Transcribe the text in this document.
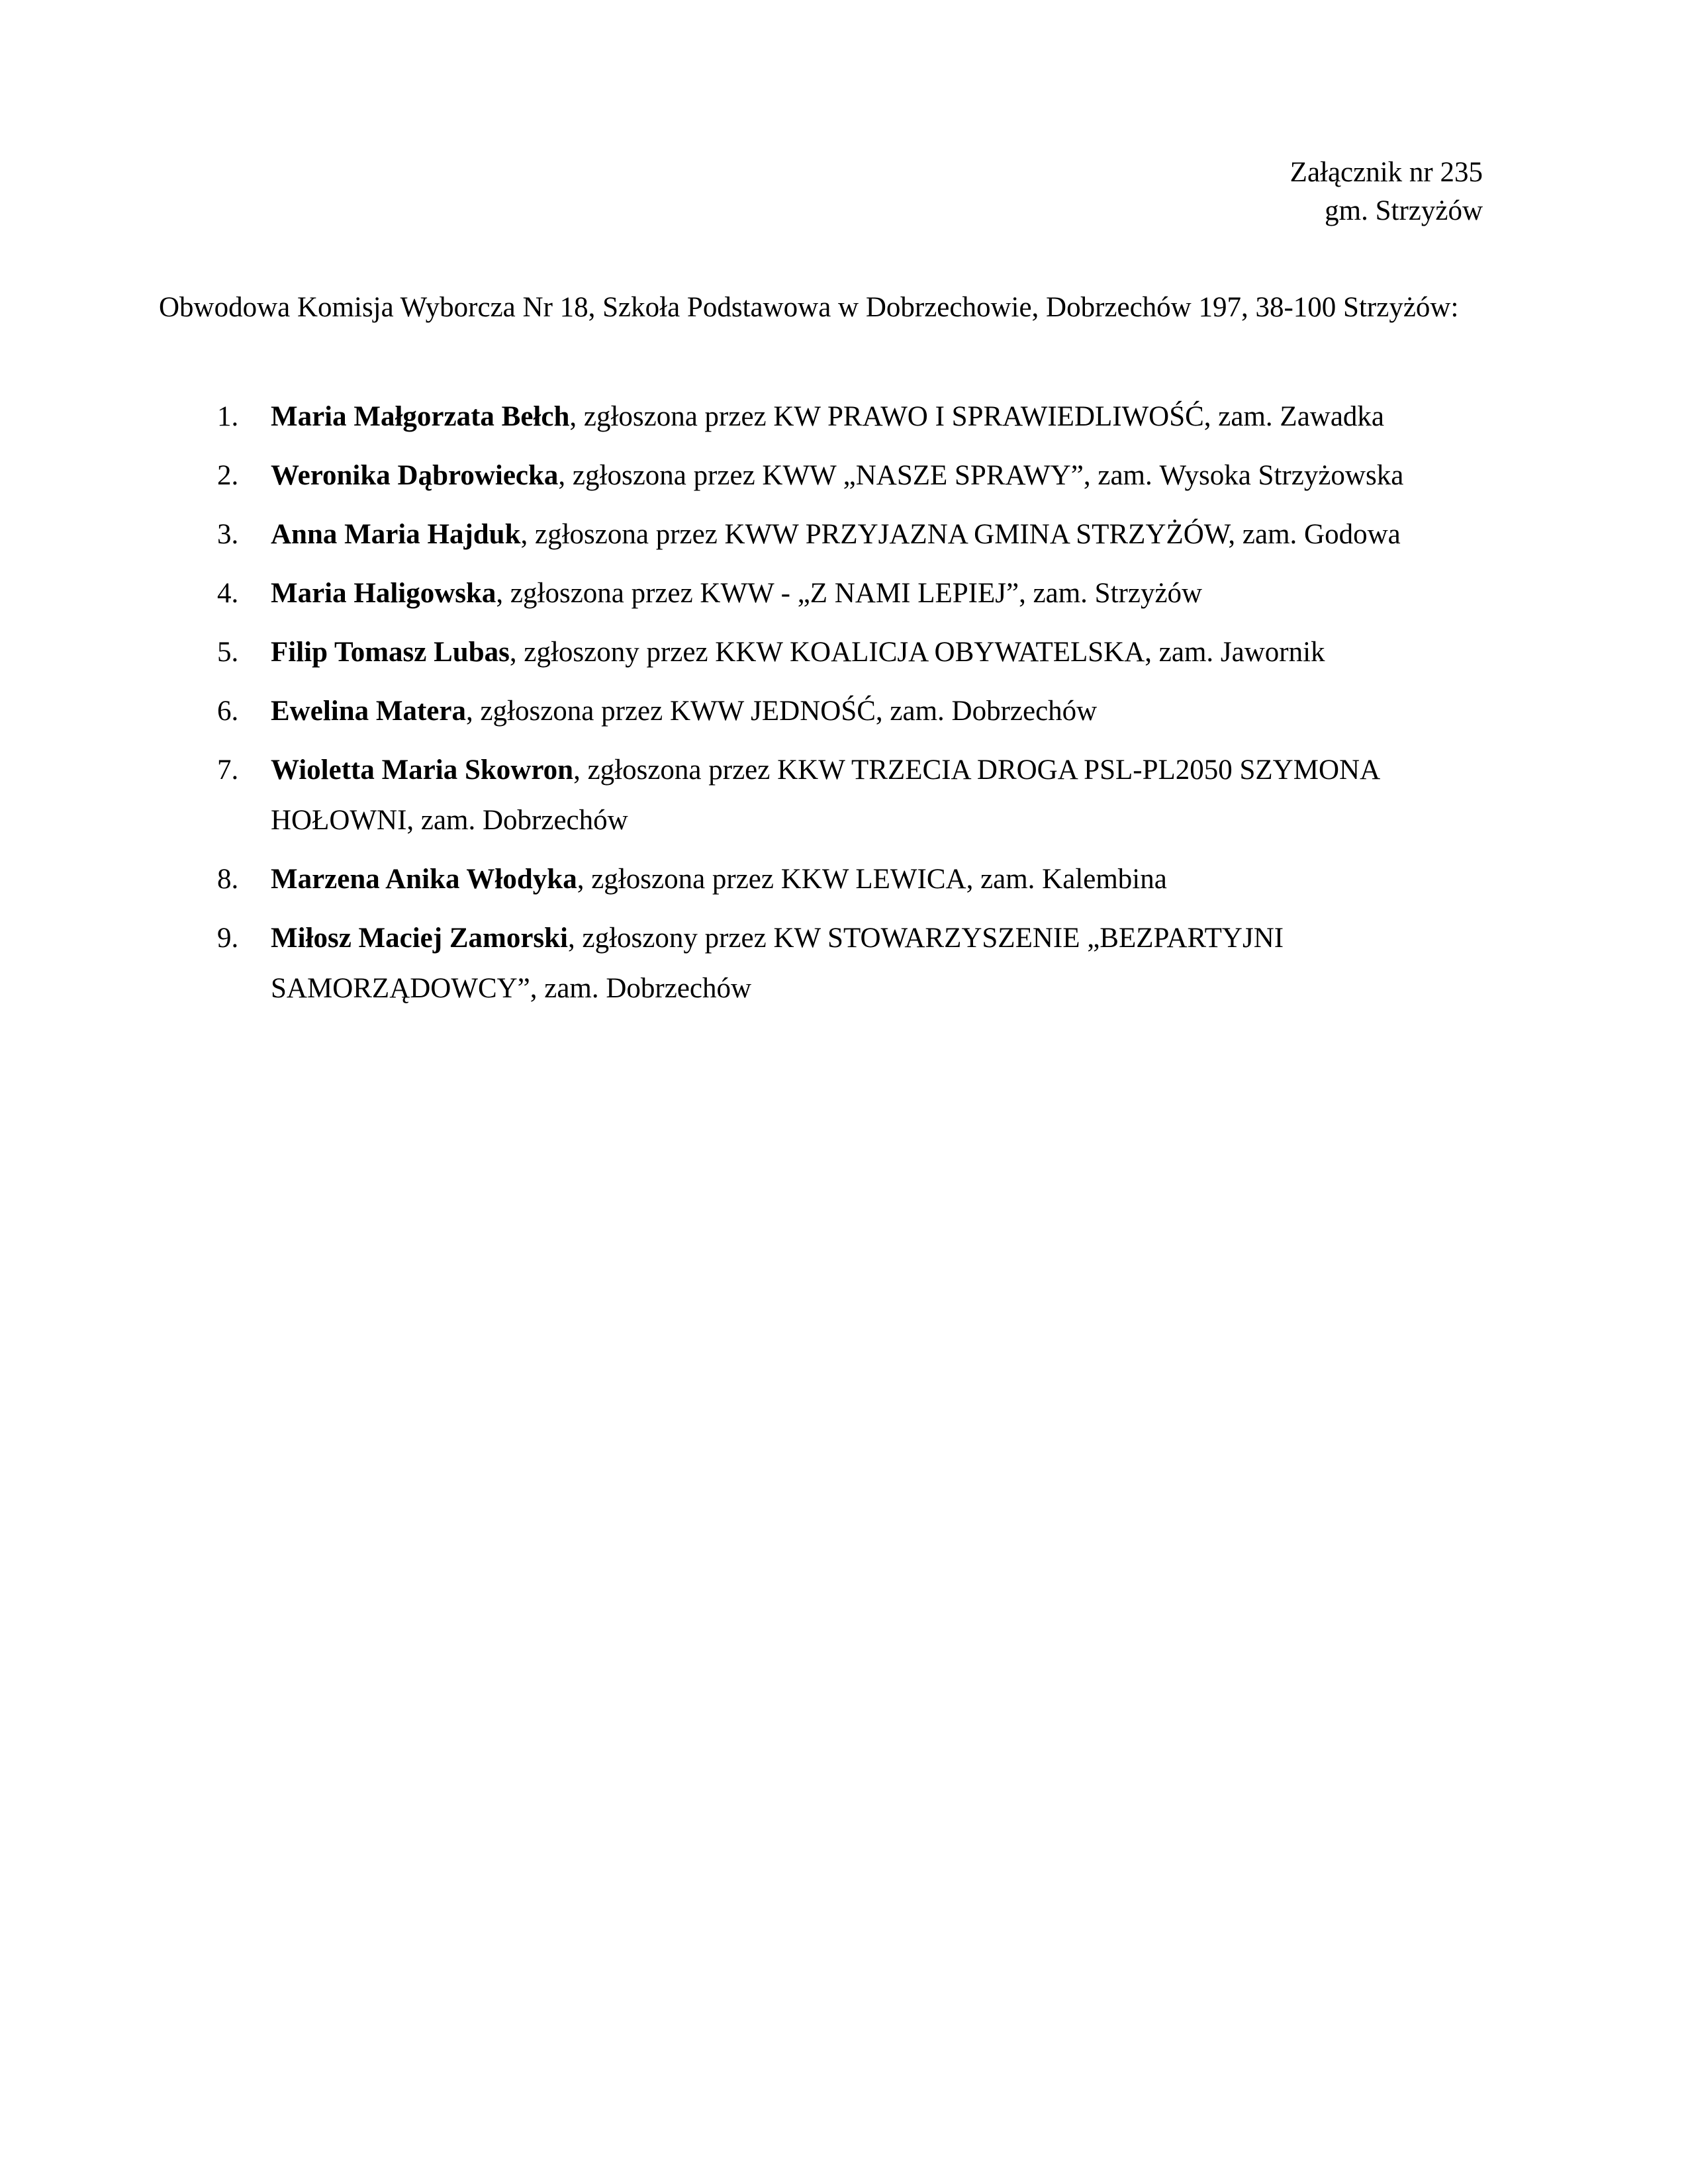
Załącznik nr 235
gm. Strzyżów

Obwodowa Komisja Wyborcza Nr 18, Szkoła Podstawowa w Dobrzechowie, Dobrzechów 197, 38-100 Strzyżów:

1.	Maria Małgorzata Bełch, zgłoszona przez KW PRAWO I SPRAWIEDLIWOŚĆ, zam. Zawadka

2.	Weronika Dąbrowiecka, zgłoszona przez KWW „NASZE SPRAWY”, zam. Wysoka Strzyżowska

3.	Anna Maria Hajduk, zgłoszona przez KWW PRZYJAZNA GMINA STRZYŻÓW, zam. Godowa

4.	Maria Haligowska, zgłoszona przez KWW - „Z NAMI LEPIEJ”, zam. Strzyżów

5.	Filip Tomasz Lubas, zgłoszony przez KKW KOALICJA OBYWATELSKA, zam. Jawornik

6.	Ewelina Matera, zgłoszona przez KWW JEDNOŚĆ, zam. Dobrzechów

7.	Wioletta Maria Skowron, zgłoszona przez KKW TRZECIA DROGA PSL-PL2050 SZYMONA HOŁOWNI, zam. Dobrzechów

8.	Marzena Anika Włodyka, zgłoszona przez KKW LEWICA, zam. Kalembina

9.	Miłosz Maciej Zamorski, zgłoszony przez KW STOWARZYSZENIE „BEZPARTYJNI SAMORZĄDOWCY”, zam. Dobrzechów
